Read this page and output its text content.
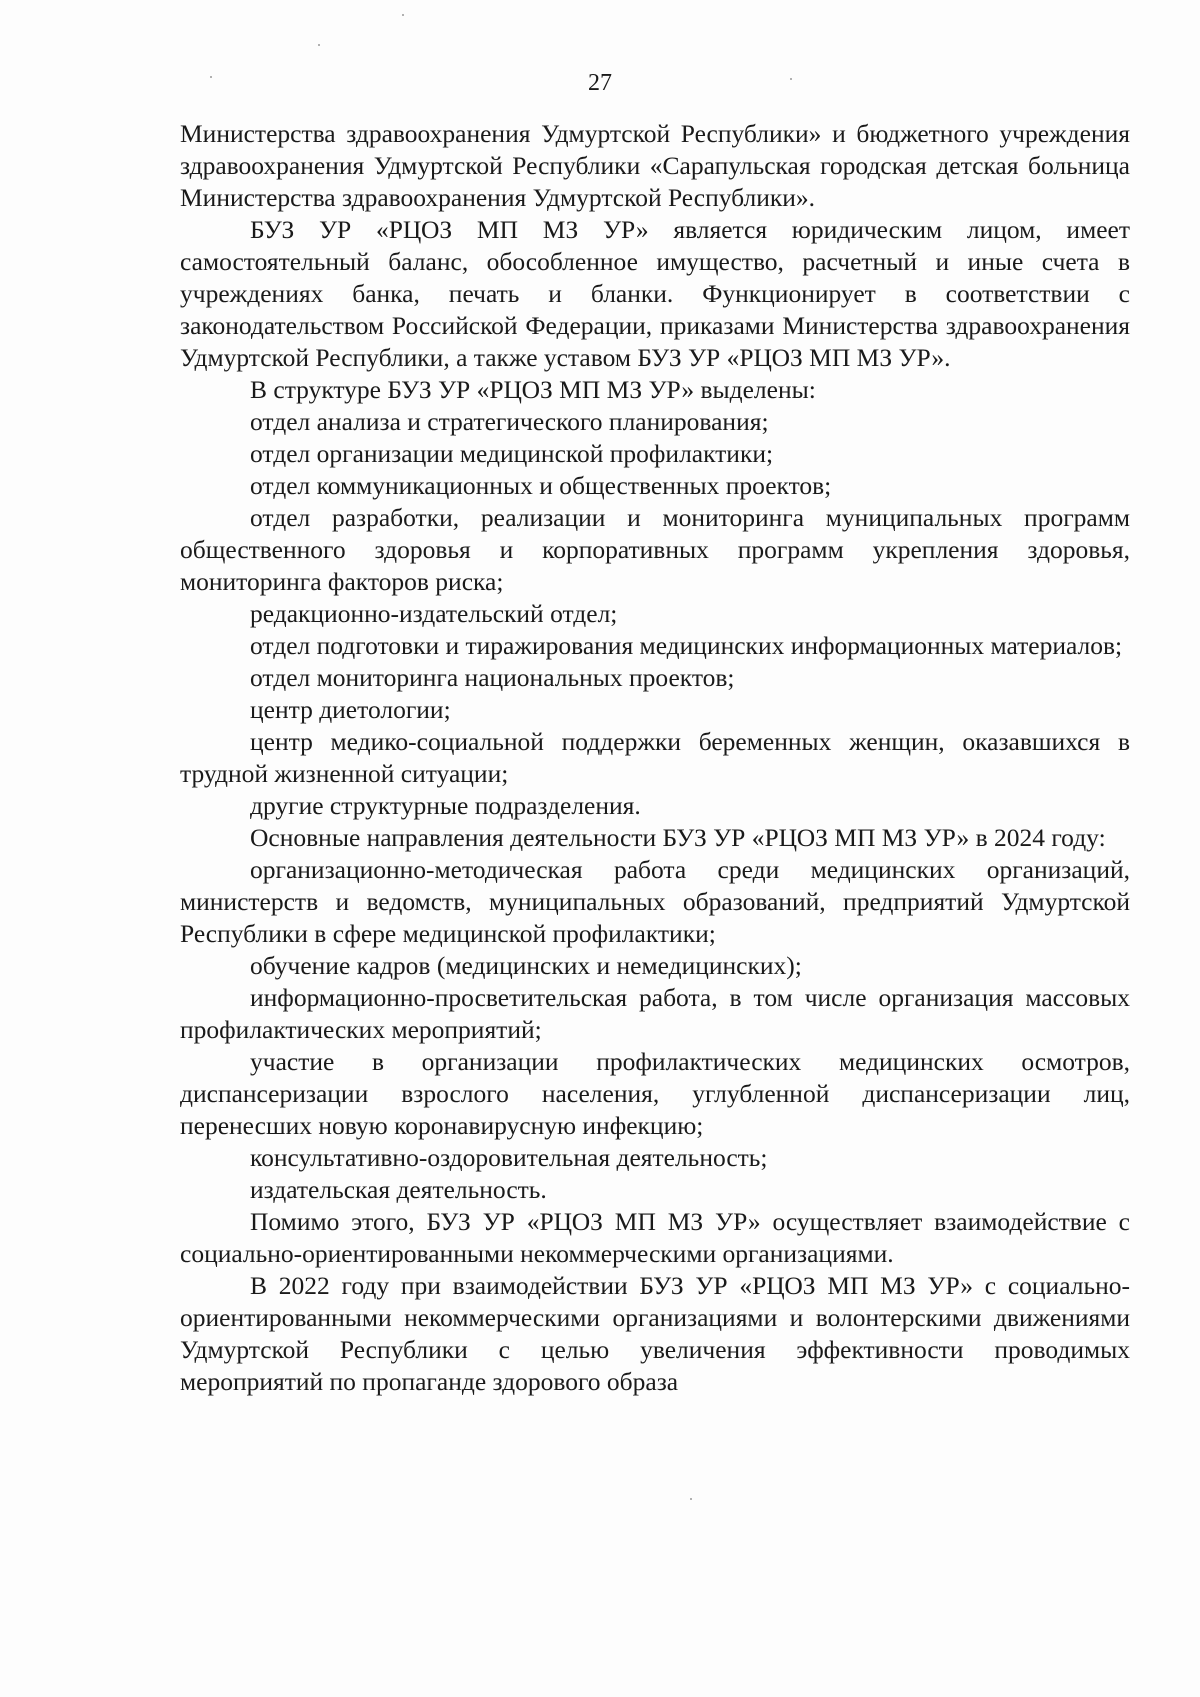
27

Министерства здравоохранения Удмуртской Республики» и бюджетного учреждения здравоохранения Удмуртской Республики «Сарапульская городская детская больница Министерства здравоохранения Удмуртской Республики».

БУЗ УР «РЦОЗ МП МЗ УР» является юридическим лицом, имеет самостоятельный баланс, обособленное имущество, расчетный и иные счета в учреждениях банка, печать и бланки. Функционирует в соответствии с законодательством Российской Федерации, приказами Министерства здравоохранения Удмуртской Республики, а также уставом БУЗ УР «РЦОЗ МП МЗ УР».

В структуре БУЗ УР «РЦОЗ МП МЗ УР» выделены:

отдел анализа и стратегического планирования;

отдел организации медицинской профилактики;

отдел коммуникационных и общественных проектов;

отдел разработки, реализации и мониторинга муниципальных программ общественного здоровья и корпоративных программ укрепления здоровья, мониторинга факторов риска;

редакционно-издательский отдел;

отдел подготовки и тиражирования медицинских информационных материалов;

отдел мониторинга национальных проектов;

центр диетологии;

центр медико-социальной поддержки беременных женщин, оказавшихся в трудной жизненной ситуации;

другие структурные подразделения.

Основные направления деятельности БУЗ УР «РЦОЗ МП МЗ УР» в 2024 году:

организационно-методическая работа среди медицинских организаций, министерств и ведомств, муниципальных образований, предприятий Удмуртской Республики в сфере медицинской профилактики;

обучение кадров (медицинских и немедицинских);

информационно-просветительская работа, в том числе организация массовых профилактических мероприятий;

участие в организации профилактических медицинских осмотров, диспансеризации взрослого населения, углубленной диспансеризации лиц, перенесших новую коронавирусную инфекцию;

консультативно-оздоровительная деятельность;

издательская деятельность.

Помимо этого, БУЗ УР «РЦОЗ МП МЗ УР» осуществляет взаимодействие с социально-ориентированными некоммерческими организациями.

В 2022 году при взаимодействии БУЗ УР «РЦОЗ МП МЗ УР» с социально-ориентированными некоммерческими организациями и волонтерскими движениями Удмуртской Республики с целью увеличения эффективности проводимых мероприятий по пропаганде здорового образа
